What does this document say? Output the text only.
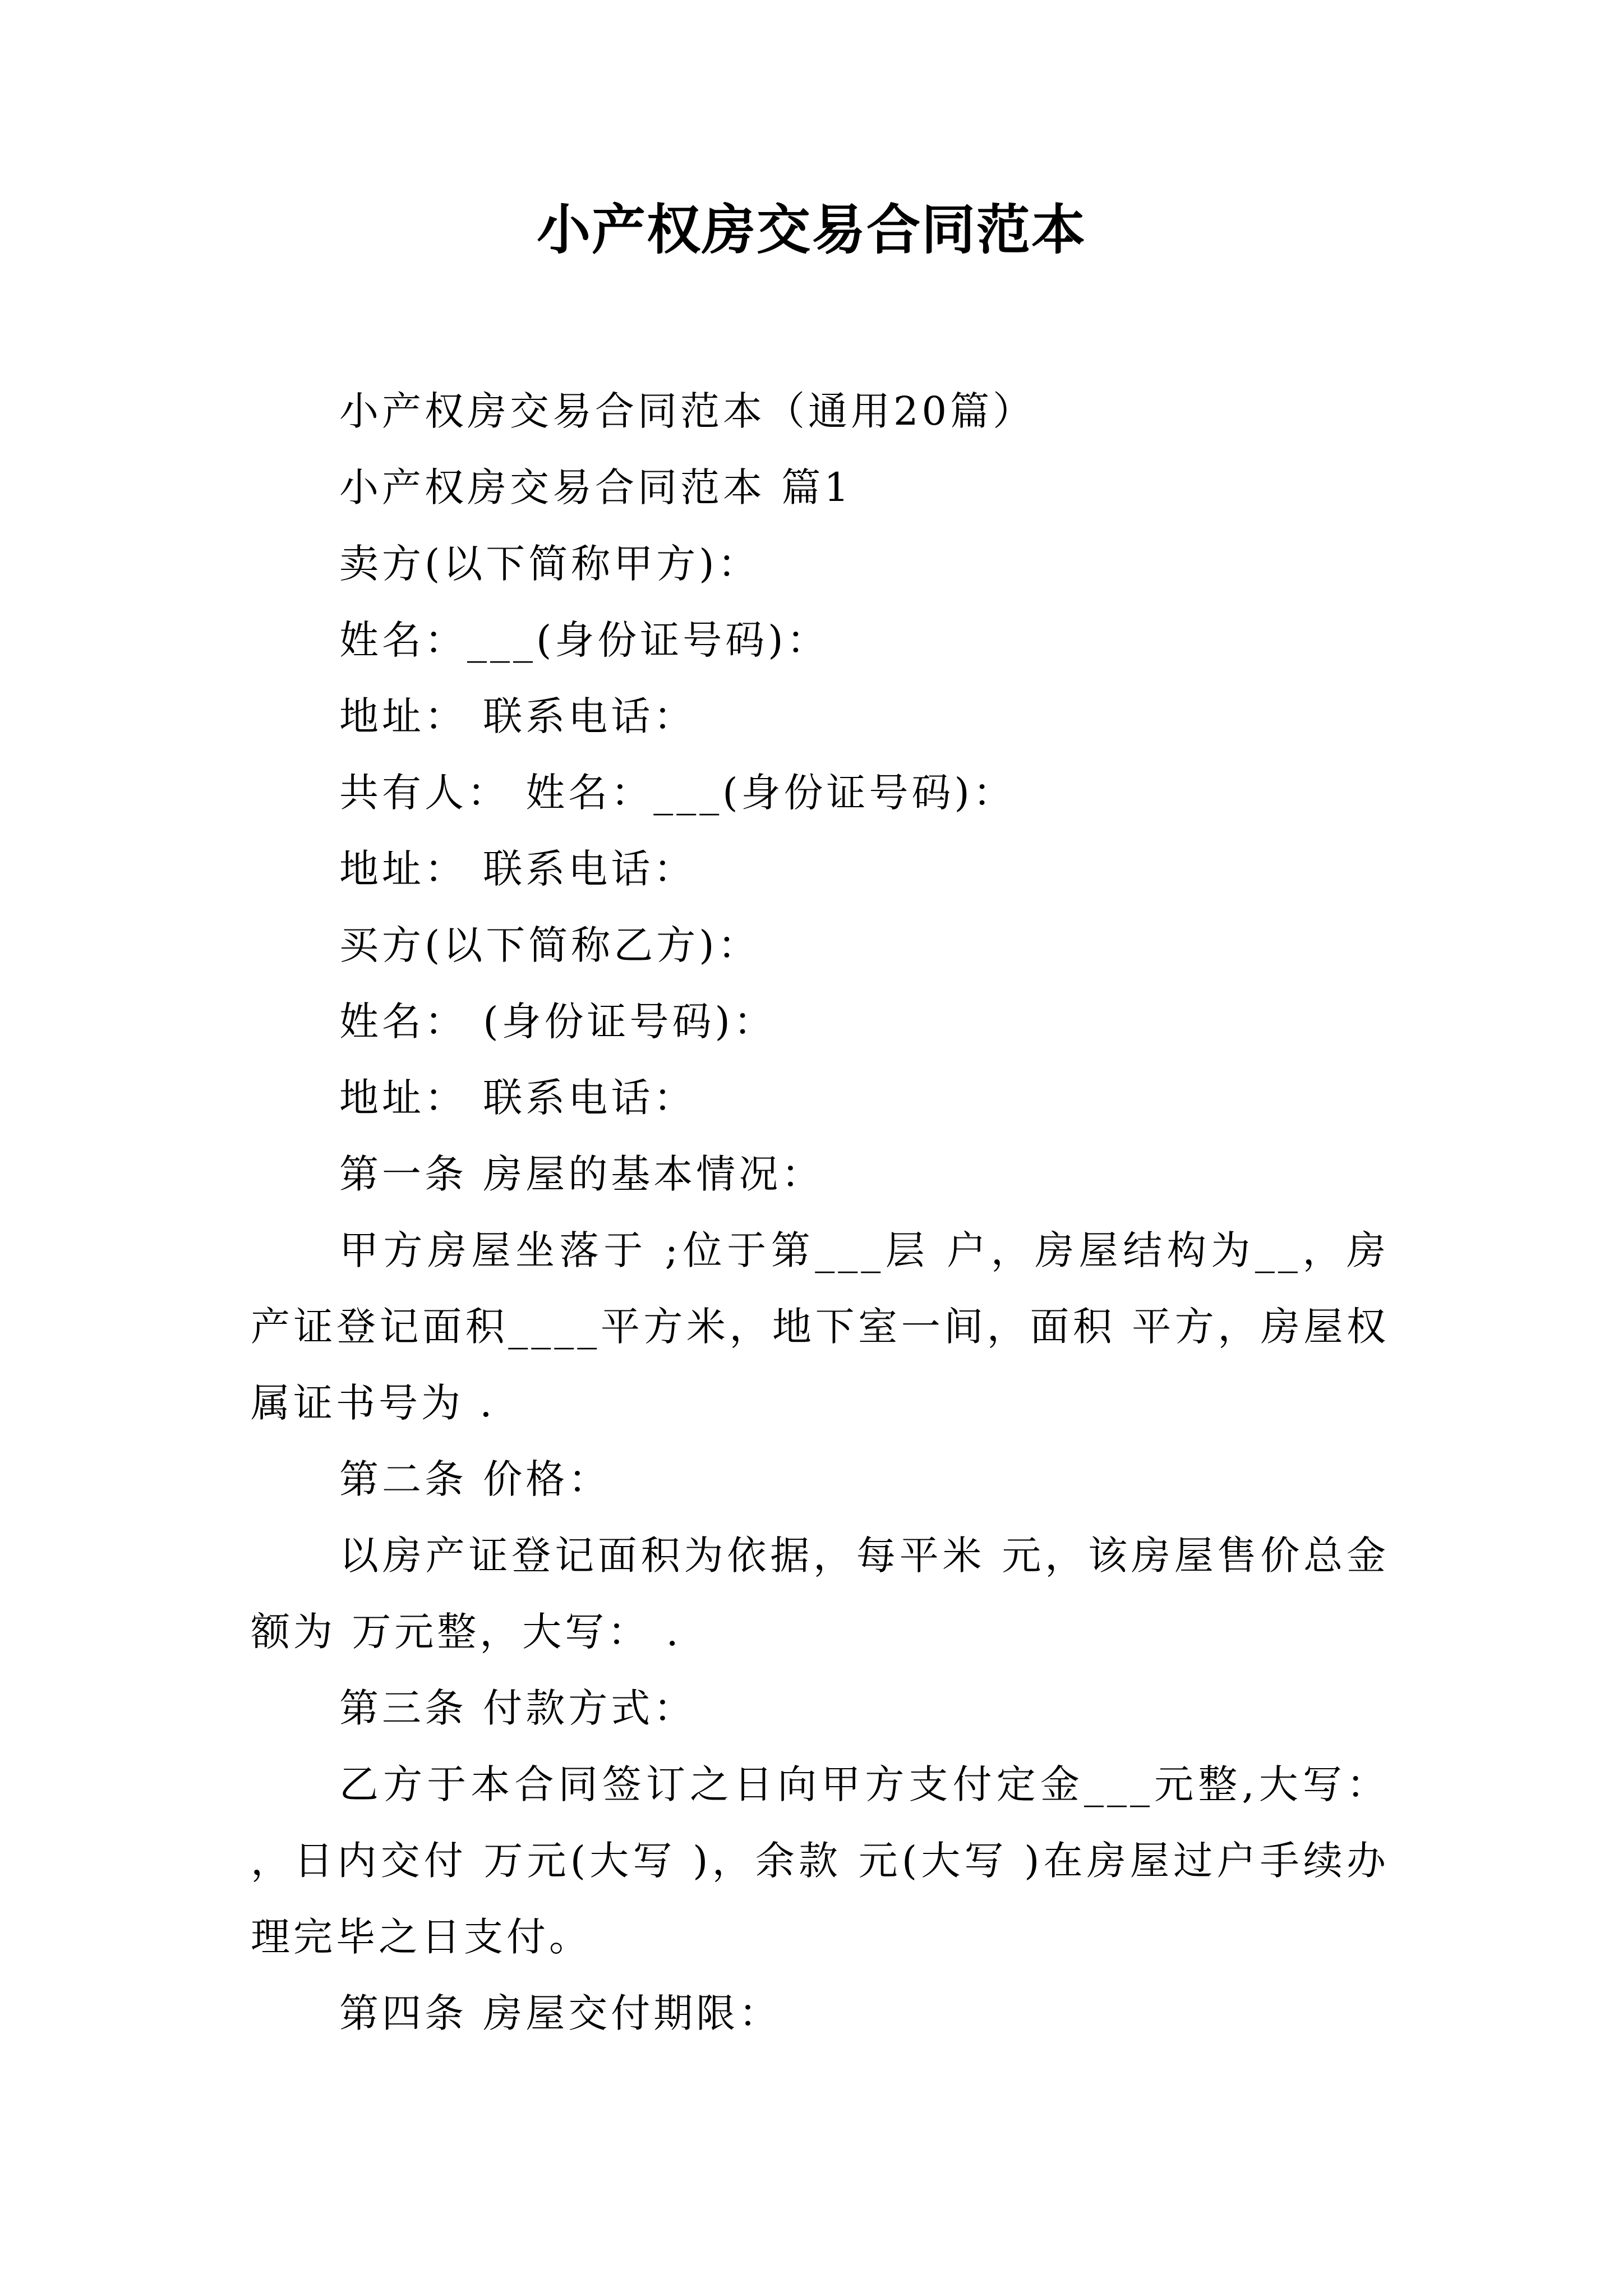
小产权房交易合同范本

小产权房交易合同范本（通用20篇）

小产权房交易合同范本 篇1

卖方(以下简称甲方)：

姓名：___(身份证号码)：

地址： 联系电话：

共有人： 姓名：___(身份证号码)：

地址： 联系电话：

买方(以下简称乙方)：

姓名： (身份证号码)：

地址： 联系电话：

第一条 房屋的基本情况：

甲方房屋坐落于 ;位于第___层 户，房屋结构为__，房产证登记面积____平方米，地下室一间，面积 平方，房屋权属证书号为 .

第二条 价格：

以房产证登记面积为依据，每平米 元，该房屋售价总金额为 万元整，大写： .

第三条 付款方式：

乙方于本合同签订之日向甲方支付定金___元整,大写： ，日内交付 万元(大写 )，余款 元(大写 )在房屋过户手续办理完毕之日支付。

第四条 房屋交付期限：
